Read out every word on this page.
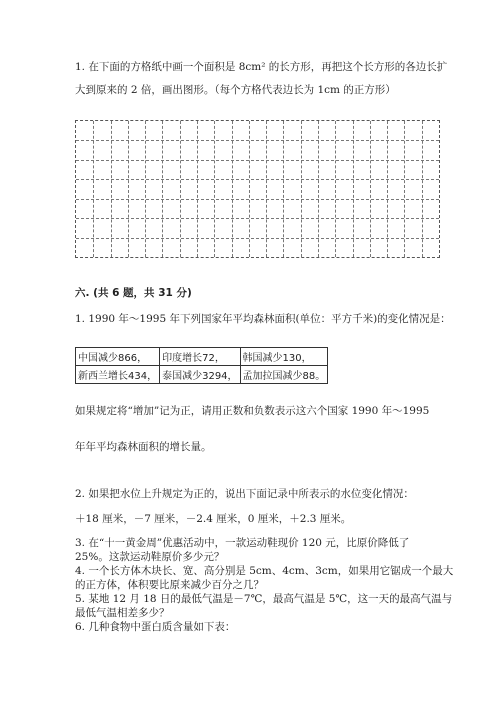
1. 在下面的方格纸中画一个面积是 8cm² 的长方形，再把这个长方形的各边长扩
大到原来的 2 倍，画出图形。（每个方格代表边长为 1cm 的正方形）
六. (共 6 题，共 31 分)
1. 1990 年～1995 年下列国家年平均森林面积(单位：平方千米)的变化情况是：
中国减少866，	印度增长72，	韩国减少130，
新西兰增长434，	泰国减少3294，	孟加拉国减少88。
如果规定将“增加”记为正，请用正数和负数表示这六个国家 1990 年～1995
年年平均森林面积的增长量。
2. 如果把水位上升规定为正的，说出下面记录中所表示的水位变化情况：
＋18 厘米，－7 厘米，－2.4 厘米，0 厘米，＋2.3 厘米。
3. 在“十一黄金周”优惠活动中，一款运动鞋现价 120 元，比原价降低了
25%。这款运动鞋原价多少元？
4. 一个长方体木块长、宽、高分别是 5cm、4cm、3cm，如果用它锯成一个最大
的正方体，体积要比原来减少百分之几？
5. 某地 12 月 18 日的最低气温是－7℃，最高气温是 5℃，这一天的最高气温与
最低气温相差多少？
6. 几种食物中蛋白质含量如下表：
